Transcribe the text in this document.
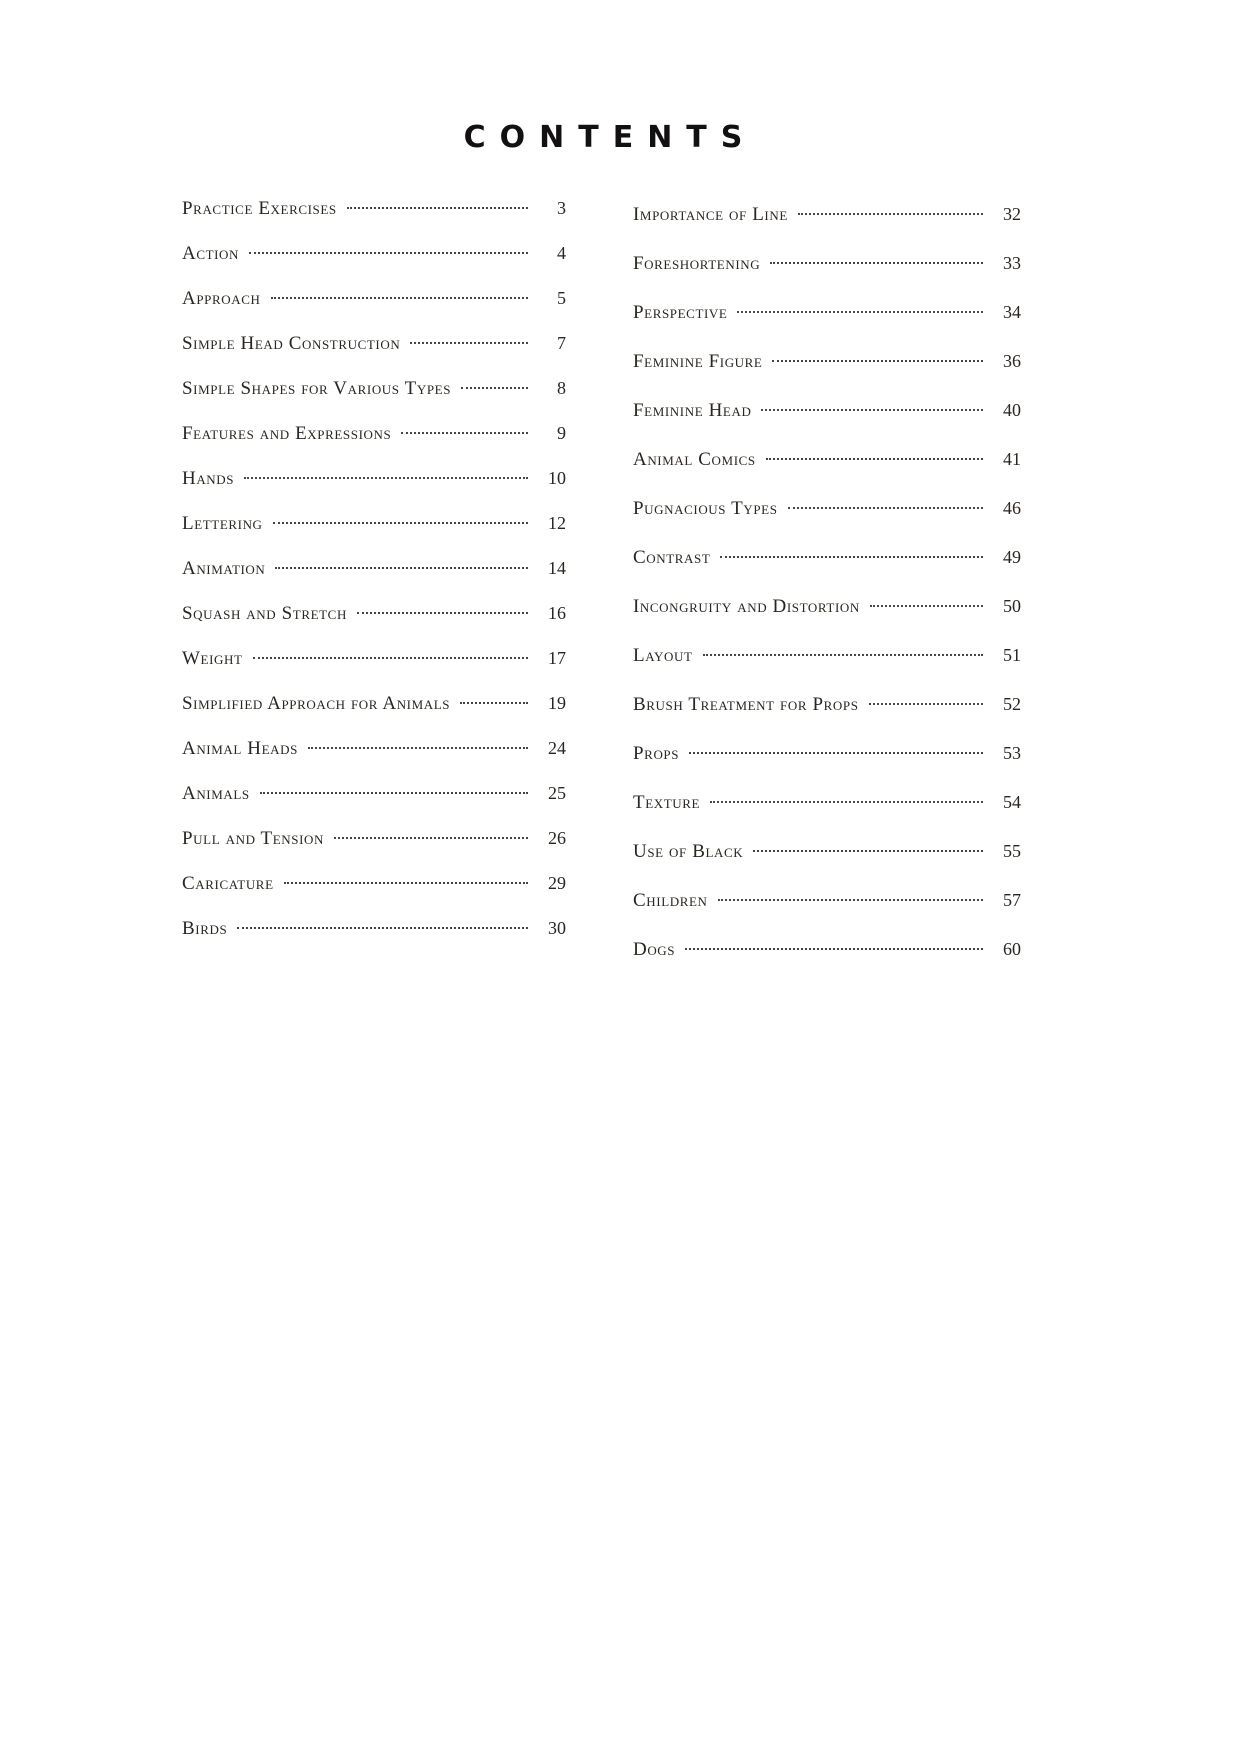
CONTENTS
Practice Exercises	3
Action	4
Approach	5
Simple Head Construction	7
Simple Shapes for Various Types	8
Features and Expressions	9
Hands	10
Lettering	12
Animation	14
Squash and Stretch	16
Weight	17
Simplified Approach for Animals	19
Animal Heads	24
Animals	25
Pull and Tension	26
Caricature	29
Birds	30
Importance of Line	32
Foreshortening	33
Perspective	34
Feminine Figure	36
Feminine Head	40
Animal Comics	41
Pugnacious Types	46
Contrast	49
Incongruity and Distortion	50
Layout	51
Brush Treatment for Props	52
Props	53
Texture	54
Use of Black	55
Children	57
Dogs	60
